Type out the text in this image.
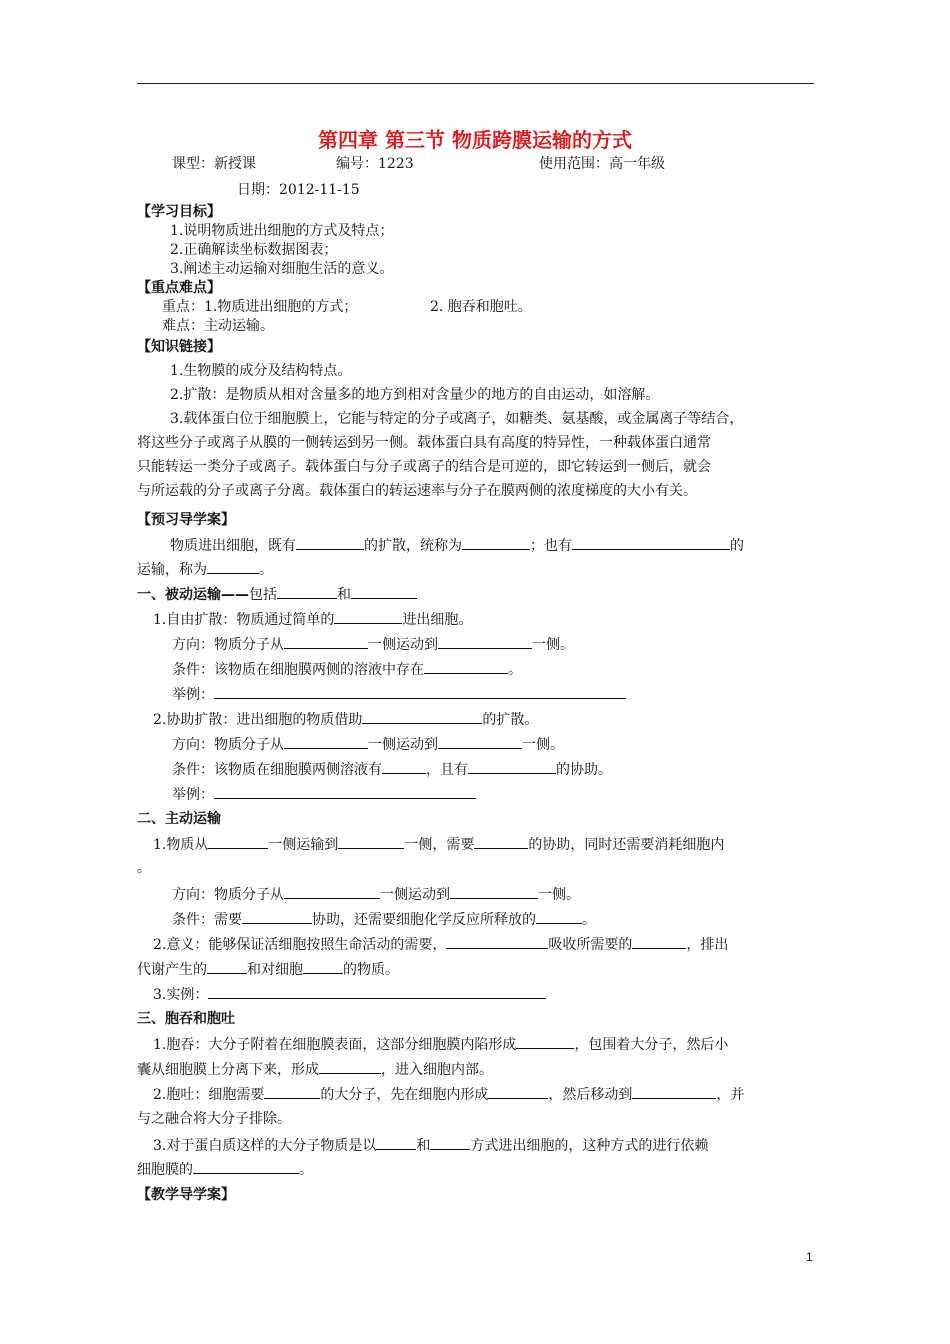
第四章 第三节 物质跨膜运输的方式
课型：新授课	编号：1223	使用范围：高一年级
日期：2012-11-15
【学习目标】
1.说明物质进出细胞的方式及特点；
2.正确解读坐标数据图表；
3.阐述主动运输对细胞生活的意义。
【重点难点】
重点：1.物质进出细胞的方式；	2. 胞吞和胞吐。
难点：主动运输。
【知识链接】
1.生物膜的成分及结构特点。
2.扩散：是物质从相对含量多的地方到相对含量少的地方的自由运动，如溶解。
3.载体蛋白位于细胞膜上，它能与特定的分子或离子，如糖类、氨基酸，或金属离子等结合，
将这些分子或离子从膜的一侧转运到另一侧。载体蛋白具有高度的特异性，一种载体蛋白通常
只能转运一类分子或离子。载体蛋白与分子或离子的结合是可逆的，即它转运到一侧后，就会
与所运载的分子或离子分离。载体蛋白的转运速率与分子在膜两侧的浓度梯度的大小有关。
【预习导学案】
物质进出细胞，既有	的扩散，统称为	；也有	的
运输，称为	。
一、被动运输——包括	和
1.自由扩散：物质通过简单的	进出细胞。
方向：物质分子从	一侧运动到	一侧。
条件：该物质在细胞膜两侧的溶液中存在	。
举例：
2.协助扩散：进出细胞的物质借助	的扩散。
方向：物质分子从	一侧运动到	一侧。
条件：该物质在细胞膜两侧溶液有	，且有	的协助。
举例：
二、主动运输
1.物质从	一侧运输到	一侧，需要	的协助，同时还需要消耗细胞内
。
方向：物质分子从	一侧运动到	一侧。
条件：需要	协助，还需要细胞化学反应所释放的	。
2.意义：能够保证活细胞按照生命活动的需要，	吸收所需要的	，排出
代谢产生的	和对细胞	的物质。
3.实例：
三、胞吞和胞吐
1.胞吞：大分子附着在细胞膜表面，这部分细胞膜内陷形成	，包围着大分子，然后小
囊从细胞膜上分离下来，形成	，进入细胞内部。
2.胞吐：细胞需要	的大分子，先在细胞内形成	，然后移动到	，并
与之融合将大分子排除。
3.对于蛋白质这样的大分子物质是以	和	方式进出细胞的，这种方式的进行依赖
细胞膜的	。
【教学导学案】
1
